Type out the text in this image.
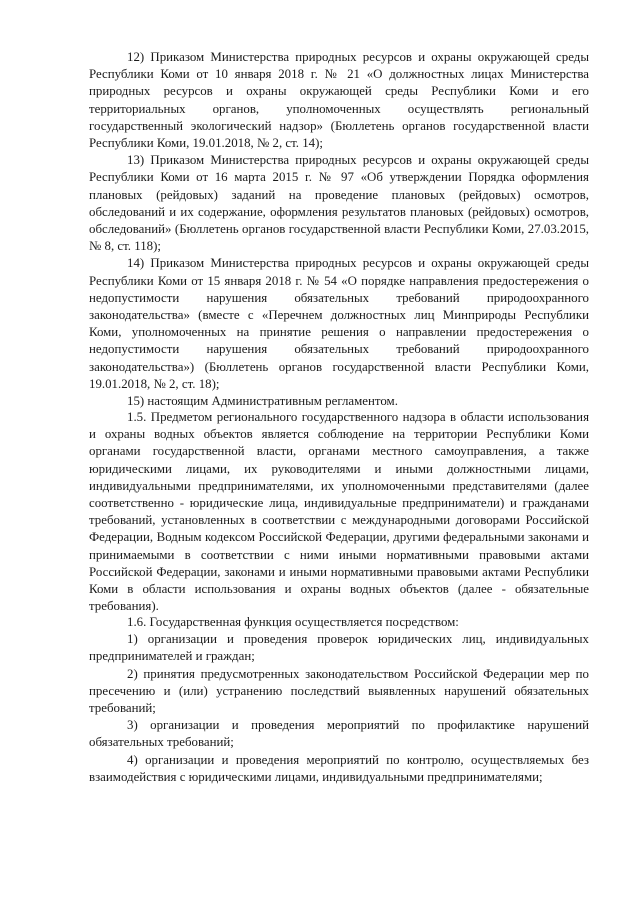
12) Приказом Министерства природных ресурсов и охраны окружающей среды Республики Коми от 10 января 2018 г. № 21 «О должностных лицах Министерства природных ресурсов и охраны окружающей среды Республики Коми и его территориальных органов, уполномоченных осуществлять региональный государственный экологический надзор» (Бюллетень органов государственной власти Республики Коми, 19.01.2018, № 2, ст. 14);

13) Приказом Министерства природных ресурсов и охраны окружающей среды Республики Коми от 16 марта 2015 г. № 97 «Об утверждении Порядка оформления плановых (рейдовых) заданий на проведение плановых (рейдовых) осмотров, обследований и их содержание, оформления результатов плановых (рейдовых) осмотров, обследований» (Бюллетень органов государственной власти Республики Коми, 27.03.2015, № 8, ст. 118);

14) Приказом Министерства природных ресурсов и охраны окружающей среды Республики Коми от 15 января 2018 г. № 54 «О порядке направления предостережения о недопустимости нарушения обязательных требований природоохранного законодательства» (вместе с «Перечнем должностных лиц Минприроды Республики Коми, уполномоченных на принятие решения о направлении предостережения о недопустимости нарушения обязательных требований природоохранного законодательства») (Бюллетень органов государственной власти Республики Коми, 19.01.2018, № 2, ст. 18);

15) настоящим Административным регламентом.

1.5. Предметом регионального государственного надзора в области использования и охраны водных объектов является соблюдение на территории Республики Коми органами государственной власти, органами местного самоуправления, а также юридическими лицами, их руководителями и иными должностными лицами, индивидуальными предпринимателями, их уполномоченными представителями (далее соответственно - юридические лица, индивидуальные предприниматели) и гражданами требований, установленных в соответствии с международными договорами Российской Федерации, Водным кодексом Российской Федерации, другими федеральными законами и принимаемыми в соответствии с ними иными нормативными правовыми актами Российской Федерации, законами и иными нормативными правовыми актами Республики Коми в области использования и охраны водных объектов (далее - обязательные требования).

1.6. Государственная функция осуществляется посредством:

1) организации и проведения проверок юридических лиц, индивидуальных предпринимателей и граждан;

2) принятия предусмотренных законодательством Российской Федерации мер по пресечению и (или) устранению последствий выявленных нарушений обязательных требований;

3) организации и проведения мероприятий по профилактике нарушений обязательных требований;

4) организации и проведения мероприятий по контролю, осуществляемых без взаимодействия с юридическими лицами, индивидуальными предпринимателями;
